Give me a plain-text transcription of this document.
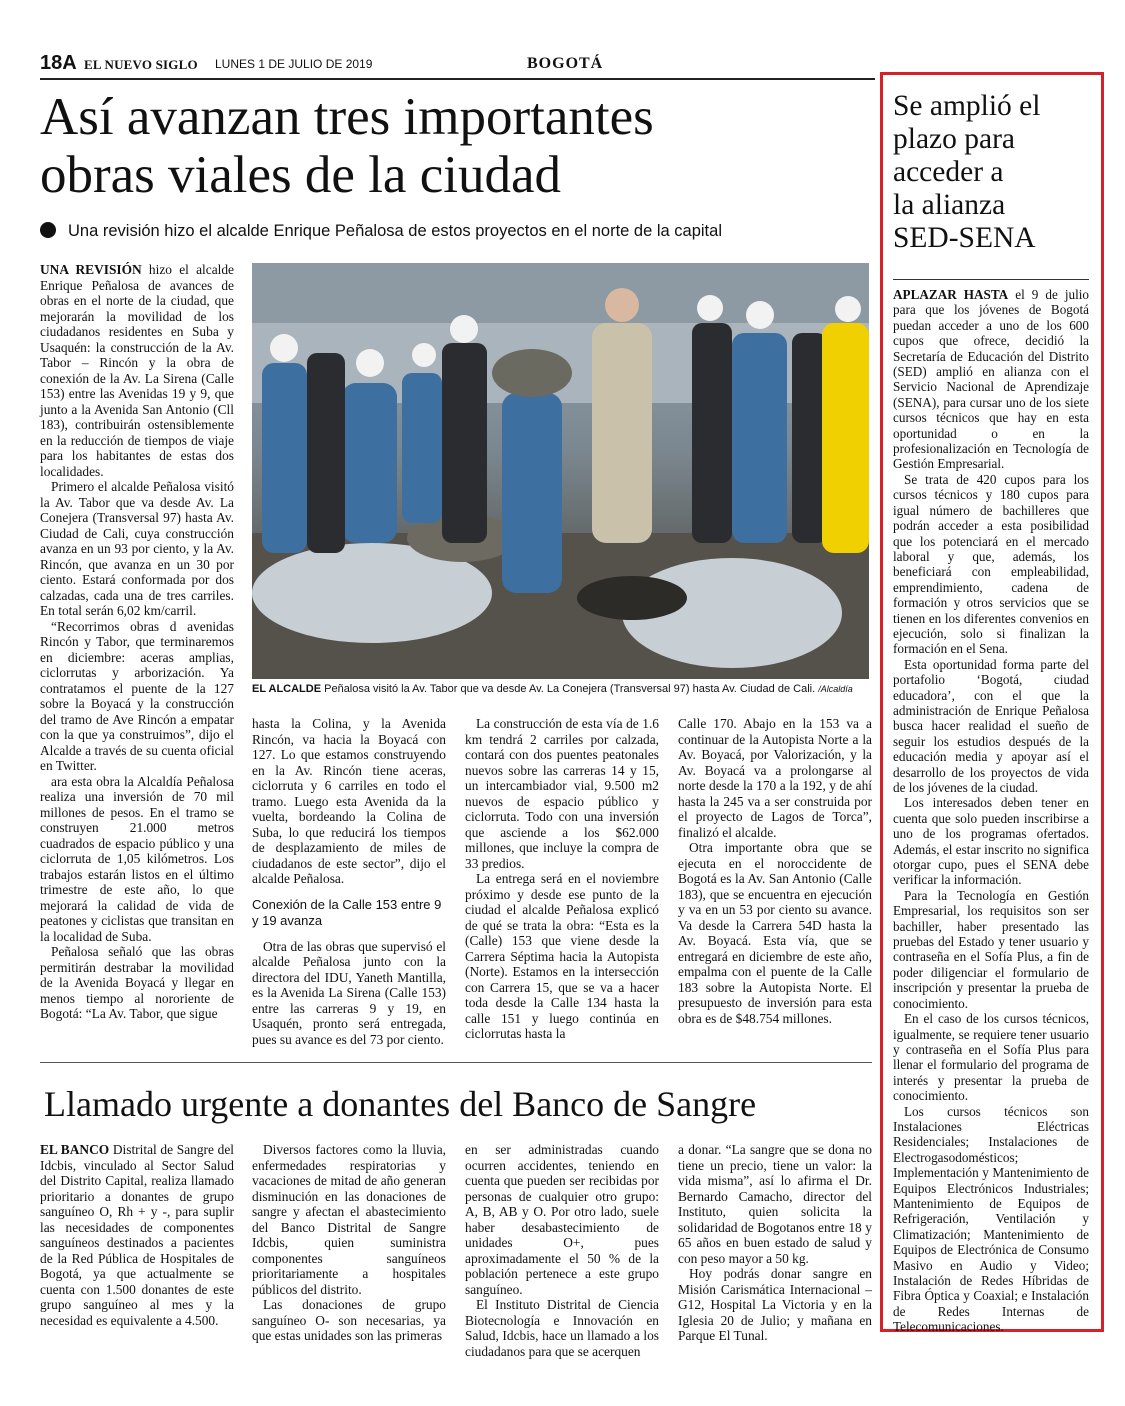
18A EL NUEVO SIGLO LUNES 1 DE JULIO DE 2019	BOGOTÁ
Así avanzan tres importantes
obras viales de la ciudad
Una revisión hizo el alcalde Enrique Peñalosa de estos proyectos en el norte de la capital

UNA REVISIÓN hizo el alcalde Enrique Peñalosa de avances de obras en el norte de la ciudad, que mejorarán la movilidad de los ciudadanos residentes en Suba y Usaquén: la construcción de la Av. Tabor – Rincón y la obra de conexión de la Av. La Sirena (Calle 153) entre las Avenidas 19 y 9, que junto a la Avenida San Antonio (Cll 183), contribuirán ostensiblemente en la reducción de tiempos de viaje para los habitantes de estas dos localidades.

Primero el alcalde Peñalosa visitó la Av. Tabor que va desde Av. La Conejera (Transversal 97) hasta Av. Ciudad de Cali, cuya construcción avanza en un 93 por ciento, y la Av. Rincón, que avanza en un 30 por ciento. Estará conformada por dos calzadas, cada una de tres carriles. En total serán 6,02 km/carril.

“Recorrimos obras d avenidas Rincón y Tabor, que terminaremos en diciembre: aceras amplias, ciclorrutas y arborización. Ya contratamos el puente de la 127 sobre la Boyacá y la construcción del tramo de Ave Rincón a empatar con la que ya construimos”, dijo el Alcalde a través de su cuenta oficial en Twitter.

ara esta obra la Alcaldía Peñalosa realiza una inversión de 70 mil millones de pesos. En el tramo se construyen 21.000 metros cuadrados de espacio público y una ciclorruta de 1,05 kilómetros. Los trabajos estarán listos en el último trimestre de este año, lo que mejorará la calidad de vida de peatones y ciclistas que transitan en la localidad de Suba.

Peñalosa señaló que las obras permitirán destrabar la movilidad de la Avenida Boyacá y llegar en menos tiempo al nororiente de Bogotá: “La Av. Tabor, que sigue

EL ALCALDE Peñalosa visitó la Av. Tabor que va desde Av. La Conejera (Transversal 97) hasta Av. Ciudad de Cali. /Alcaldía

hasta la Colina, y la Avenida Rincón, va hacia la Boyacá con 127. Lo que estamos construyendo en la Av. Rincón tiene aceras, ciclorruta y 6 carriles en todo el tramo. Luego esta Avenida da la vuelta, bordeando la Colina de Suba, lo que reducirá los tiempos de desplazamiento de miles de ciudadanos de este sector”, dijo el alcalde Peñalosa.

Conexión de la Calle 153 entre 9 y 19 avanza

Otra de las obras que supervisó el alcalde Peñalosa junto con la directora del IDU, Yaneth Mantilla, es la Avenida La Sirena (Calle 153) entre las carreras 9 y 19, en Usaquén, pronto será entregada, pues su avance es del 73 por ciento.

La construcción de esta vía de 1.6 km tendrá 2 carriles por calzada, contará con dos puentes peatonales nuevos sobre las carreras 14 y 15, un intercambiador vial, 9.500 m2 nuevos de espacio público y ciclorruta. Todo con una inversión que asciende a los $62.000 millones, que incluye la compra de 33 predios.

La entrega será en el noviembre próximo y desde ese punto de la ciudad el alcalde Peñalosa explicó de qué se trata la obra: “Esta es la (Calle) 153 que viene desde la Carrera Séptima hacia la Autopista (Norte). Estamos en la intersección con Carrera 15, que se va a hacer toda desde la Calle 134 hasta la calle 151 y luego continúa en ciclorrutas hasta la

Calle 170. Abajo en la 153 va a continuar de la Autopista Norte a la Av. Boyacá, por Valorización, y la Av. Boyacá va a prolongarse al norte desde la 170 a la 192, y de ahí hasta la 245 va a ser construida por el proyecto de Lagos de Torca”, finalizó el alcalde.

Otra importante obra que se ejecuta en el noroccidente de Bogotá es la Av. San Antonio (Calle 183), que se encuentra en ejecución y va en un 53 por ciento su avance. Va desde la Carrera 54D hasta la Av. Boyacá. Esta vía, que se entregará en diciembre de este año, empalma con el puente de la Calle 183 sobre la Autopista Norte. El presupuesto de inversión para esta obra es de $48.754 millones.

Llamado urgente a donantes del Banco de Sangre

EL BANCO Distrital de Sangre del Idcbis, vinculado al Sector Salud del Distrito Capital, realiza llamado prioritario a donantes de grupo sanguíneo O, Rh + y -, para suplir las necesidades de componentes sanguíneos destinados a pacientes de la Red Pública de Hospitales de Bogotá, ya que actualmente se cuenta con 1.500 donantes de este grupo sanguíneo al mes y la necesidad es equivalente a 4.500.

Diversos factores como la lluvia, enfermedades respiratorias y vacaciones de mitad de año generan disminución en las donaciones de sangre y afectan el abastecimiento del Banco Distrital de Sangre Idcbis, quien suministra componentes sanguíneos prioritariamente a hospitales públicos del distrito.

Las donaciones de grupo sanguíneo O- son necesarias, ya que estas unidades son las primeras

en ser administradas cuando ocurren accidentes, teniendo en cuenta que pueden ser recibidas por personas de cualquier otro grupo: A, B, AB y O. Por otro lado, suele haber desabastecimiento de unidades O+, pues aproximadamente el 50 % de la población pertenece a este grupo sanguíneo.

El Instituto Distrital de Ciencia Biotecnología e Innovación en Salud, Idcbis, hace un llamado a los ciudadanos para que se acerquen

a donar. “La sangre que se dona no tiene un precio, tiene un valor: la vida misma”, así lo afirma el Dr. Bernardo Camacho, director del Instituto, quien solicita la solidaridad de Bogotanos entre 18 y 65 años en buen estado de salud y con peso mayor a 50 kg.

Hoy podrás donar sangre en Misión Carismática Internacional – G12, Hospital La Victoria y en la Iglesia 20 de Julio; y mañana en Parque El Tunal.

Se amplió el
plazo para
acceder a
la alianza
SED-SENA

APLAZAR HASTA el 9 de julio para que los jóvenes de Bogotá puedan acceder a uno de los 600 cupos que ofrece, decidió la Secretaría de Educación del Distrito (SED) amplió en alianza con el Servicio Nacional de Aprendizaje (SENA), para cursar uno de los siete cursos técnicos que hay en esta oportunidad o en la profesionalización en Tecnología de Gestión Empresarial.

Se trata de 420 cupos para los cursos técnicos y 180 cupos para igual número de bachilleres que podrán acceder a esta posibilidad que los potenciará en el mercado laboral y que, además, los beneficiará con empleabilidad, emprendimiento, cadena de formación y otros servicios que se tienen en los diferentes convenios en ejecución, solo si finalizan la formación en el Sena.

Esta oportunidad forma parte del portafolio ‘Bogotá, ciudad educadora’, con el que la administración de Enrique Peñalosa busca hacer realidad el sueño de seguir los estudios después de la educación media y apoyar así el desarrollo de los proyectos de vida de los jóvenes de la ciudad.

Los interesados deben tener en cuenta que solo pueden inscribirse a uno de los programas ofertados. Además, el estar inscrito no significa otorgar cupo, pues el SENA debe verificar la información.

Para la Tecnología en Gestión Empresarial, los requisitos son ser bachiller, haber presentado las pruebas del Estado y tener usuario y contraseña en el Sofía Plus, a fin de poder diligenciar el formulario de inscripción y presentar la prueba de conocimiento.

En el caso de los cursos técnicos, igualmente, se requiere tener usuario y contraseña en el Sofía Plus para llenar el formulario del programa de interés y presentar la prueba de conocimiento.

Los cursos técnicos son Instalaciones Eléctricas Residenciales; Instalaciones de Electrogasodomésticos; Implementación y Mantenimiento de Equipos Electrónicos Industriales; Mantenimiento de Equipos de Refrigeración, Ventilación y Climatización; Mantenimiento de Equipos de Electrónica de Consumo Masivo en Audio y Video; Instalación de Redes Híbridas de Fibra Óptica y Coaxial; e Instalación de Redes Internas de Telecomunicaciones.
